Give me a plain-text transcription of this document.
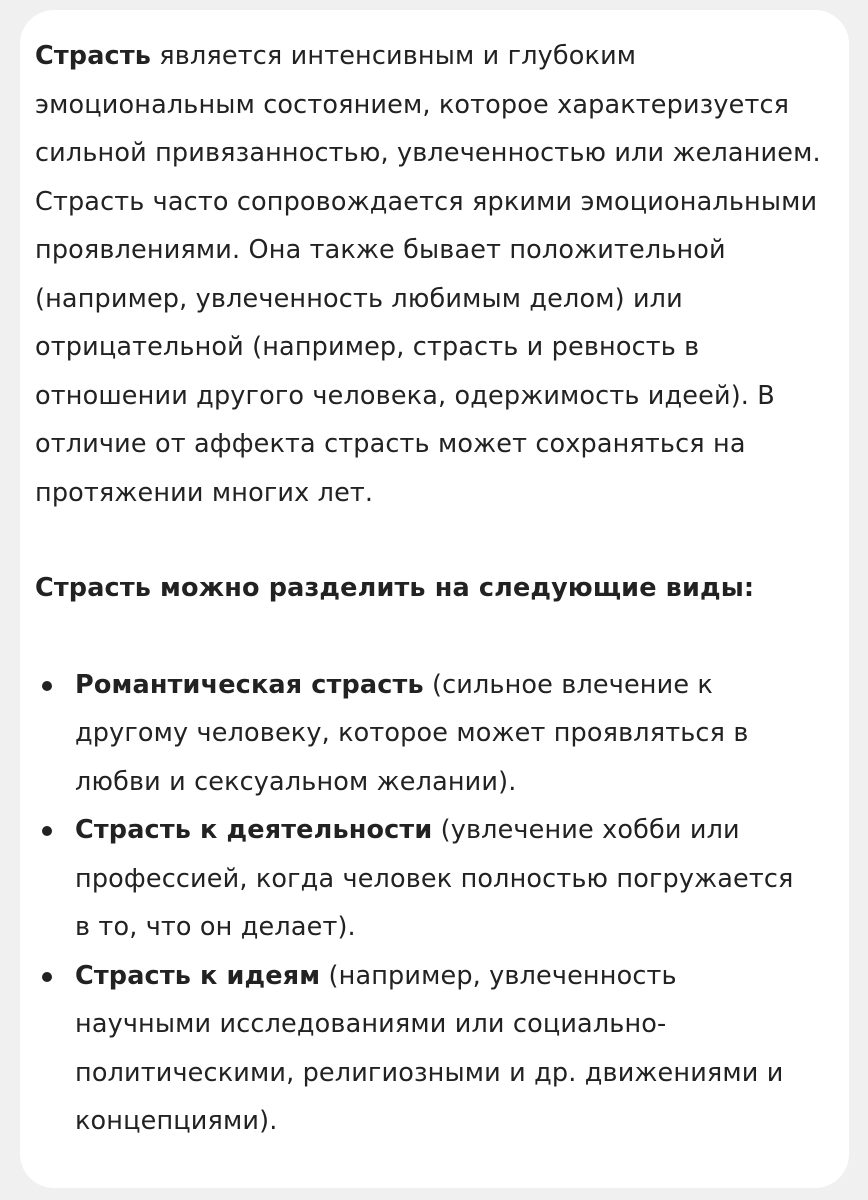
Страсть является интенсивным и глубоким эмоциональным состоянием, которое характеризуется сильной привязанностью, увлеченностью или желанием. Страсть часто сопровождается яркими эмоциональными проявлениями. Она также бывает положительной (например, увлеченность любимым делом) или отрицательной (например, страсть и ревность в отношении другого человека, одержимость идеей). В отличие от аффекта страсть может сохраняться на протяжении многих лет.

Страсть можно разделить на следующие виды:

Романтическая страсть (сильное влечение к другому человеку, которое может проявляться в любви и сексуальном желании).
Страсть к деятельности (увлечение хобби или профессией, когда человек полностью погружается в то, что он делает).
Страсть к идеям (например, увлеченность научными исследованиями или социально-политическими, религиозными и др. движениями и концепциями).
